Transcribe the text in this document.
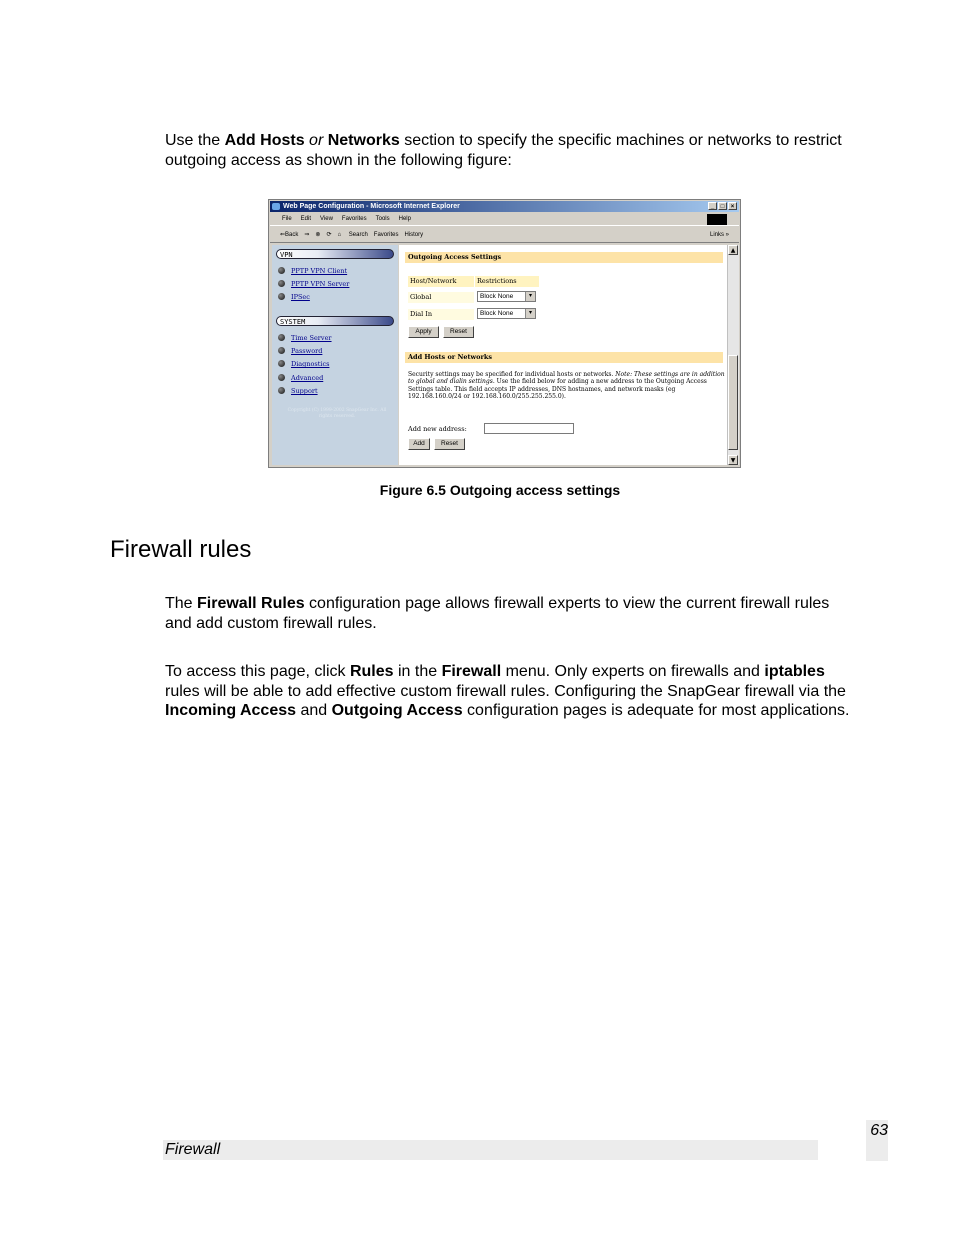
Use the Add Hosts or Networks section to specify the specific machines or networks to restrict outgoing access as shown in the following figure:
Web Page Configuration - Microsoft Internet Explorer	_	□	×
File Edit View Favorites Tools Help
⇐Back ⇒ ⊗ ⟳ ⌂ Search Favorites History	Links »
VPN
PPTP VPN Client
PPTP VPN Server
IPSec
SYSTEM
Time Server
Password
Diagnostics
Advanced
Support
Copyright (C) 1999-2002 SnapGear Inc. All rights reserved.
Outgoing Access Settings
Host/Network	Restrictions
Global	Block None ▾
Dial In	Block None ▾
Apply	Reset
Add Hosts or Networks
Security settings may be specified for individual hosts or networks. Note: These settings are in addition to global and dialin settings. Use the field below for adding a new address to the Outgoing Access Settings table. This field accepts IP addresses, DNS hostnames, and network masks (eg 192.168.160.0/24 or 192.168.160.0/255.255.255.0).
Add new address:
Add	Reset
▲
▼
Figure 6.5 Outgoing access settings
Firewall rules
The Firewall Rules configuration page allows firewall experts to view the current firewall rules and add custom firewall rules.
To access this page, click Rules in the Firewall menu. Only experts on firewalls and iptables rules will be able to add effective custom firewall rules. Configuring the SnapGear firewall via the Incoming Access and Outgoing Access configuration pages is adequate for most applications.
Firewall
63
